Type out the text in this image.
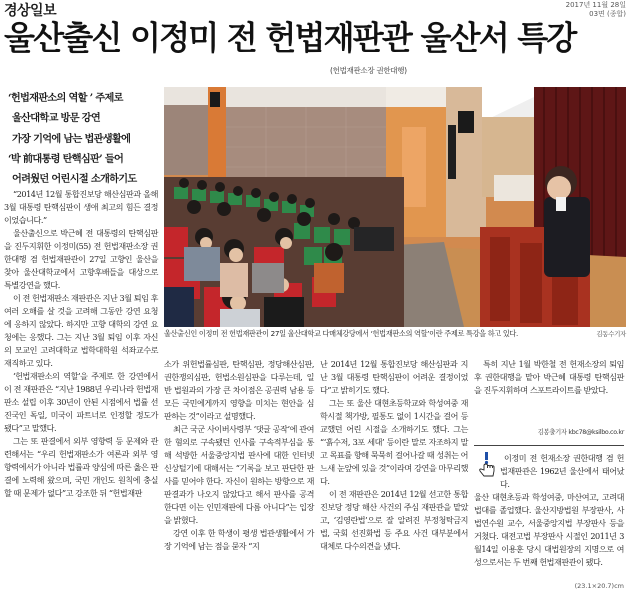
경상일보	2017년 11월 28일
03면 (종합)
울산출신 이정미 전 헌법재판관 울산서 특강
(헌법재판소장 권한대행)
‘헌법재판소의 역할 ’ 주제로
울산대학교 방문 강연
가장 기억에 남는 법관생활에
‘박 前대통령 탄핵심판’ 들어
어려웠던 어린시절 소개하기도
울산출신인 이정미 전 헌법재판관이 27일 울산대학교 다매체강당에서 ‘헌법재판소의 역할’이란 주제로 특강을 하고 있다.	김동수기자

“2014년 12월 통합진보당 해산심판과 올해 3월 대통령 탄핵심판이 생애 최고의 힘든 결정이었습니다.”

울산출신으로 박근혜 전 대통령의 탄핵심판을 진두지휘한 이정미(55) 전 헌법재판소장 권한대행 겸 헌법재판관이 27일 고향인 울산을 찾아 울산대학교에서 고향후배들을 대상으로 특별강연을 했다.

이 전 헌법재판소 재판관은 지난 3월 퇴임 후 여러 오해를 살 것을 고려해 그동안 강연 요청에 응하지 않았다. 하지만 고향 대학의 강연 요청에는 응했다. 그는 지난 3월 퇴임 이후 자신의 모교인 고려대학교 법학대학원 석좌교수로 재직하고 있다.

‘헌법재판소의 역할’을 주제로 한 강연에서 이 전 재판관은 “지난 1988년 우리나라 헌법재판소 설립 이후 30년이 안된 시점에서 법률 선진국인 독일, 미국이 파트너로 인정할 정도가 됐다”고 말했다.

그는 또 판결에서 외부 영향력 등 문제와 관련해서는 “우리 헌법재판소가 여론과 외부 영향력에서가 아니라 법률과 양심에 따른 옳은 판결에 노력해 왔으며, 국민 개인도 원칙에 충실할 때 문제가 없다”고 강조한 뒤 “헌법재판

소가 위헌법률심판, 탄핵심판, 정당해산심판, 권한쟁의심판, 헌법소원심판을 다루는데, 일반 법원과의 가장 큰 차이점은 공권력 남용 등 모든 국민에게까지 영향을 미치는 현안을 심판하는 것”이라고 설명했다.

최근 국군 사이버사령부 ‘댓글 공작’에 관여한 혐의로 구속됐던 인사를 구속적부심을 통해 석방한 서울중앙지법 판사에 대한 인터넷 신상털기에 대해서는 “기록을 보고 판단한 판사를 믿어야 한다. 자신이 원하는 방향으로 재판결과가 나오지 않았다고 해서 판사를 공격한다면 이는 인민재판에 다름 아니다”는 입장을 밝혔다.

강연 이후 한 학생이 평생 법관생활에서 가장 기억에 남는 점을 묻자 “지

난 2014년 12월 통합진보당 해산심판과 지난 3월 대통령 탄핵심판이 어려운 결정이었다”고 밝히기도 했다.

그는 또 울산 대현초등학교와 학성여중 재학시절 책가방, 필통도 없이 1시간을 걸어 등교했던 어린 시절을 소개하기도 했다. 그는 “‘흙수저, 3포 세대’ 등이란 말로 자조하지 말고 목표를 향해 묵묵히 걸어나갈 때 성취는 어느새 눈앞에 있을 것”이라며 강연을 마무리했다.

이 전 재판관은 2014년 12월 선고한 통합진보당 정당 해산 사건의 주심 재판관을 맡았고, ‘김영란법’으로 잘 알려진 부정청탁금지법, 국회 선진화법 등 주요 사건 대부분에서 대체로 다수의견을 냈다.

특히 지난 1월 박한철 전 헌재소장의 퇴임 후 권한대행을 맡아 박근혜 대통령 탄핵심판을 진두지휘하며 스포트라이트를 받았다.

김봉출기자 kbc78@ksilbo.co.kr

이정미 전 헌재소장 권한대행 겸 헌법재판관은 1962년 울산에서 태어났다.

울산 대현초등과 학성여중, 마산여고, 고려대 법대를 졸업했다. 울산지방법원 부장판사, 사법연수원 교수, 서울중앙지법 부장판사 등을 거쳤다. 대전고법 부장판사 시절인 2011년 3월14일 이용훈 당시 대법원장의 지명으로 여성으로서는 두 번째 헌법재판관이 됐다.

(23.1×20.7)cm
